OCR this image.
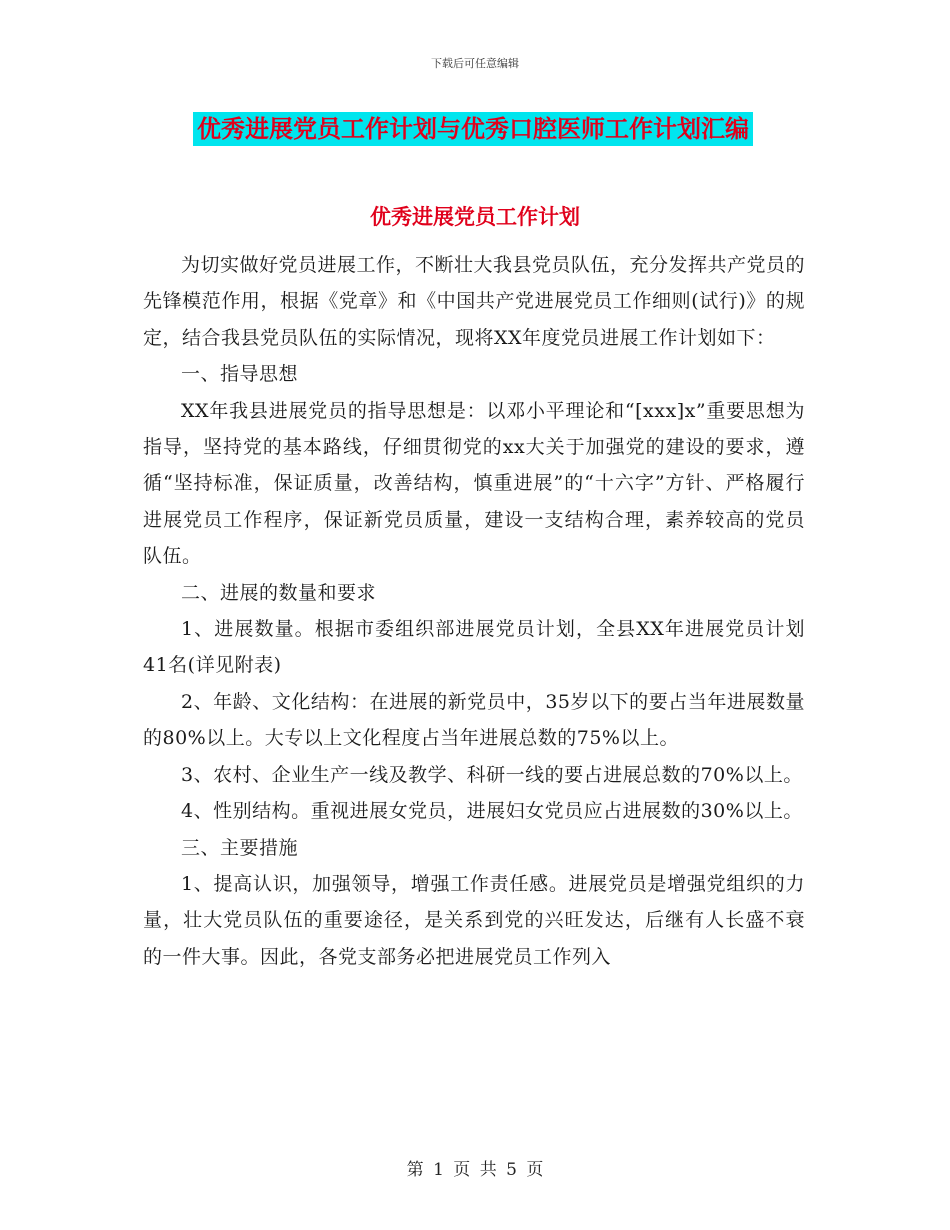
下载后可任意编辑
优秀进展党员工作计划与优秀口腔医师工作计划汇编
优秀进展党员工作计划

为切实做好党员进展工作，不断壮大我县党员队伍，充分发挥共产党员的先锋模范作用，根据《党章》和《中国共产党进展党员工作细则(试行)》的规定，结合我县党员队伍的实际情况，现将XX年度党员进展工作计划如下：

一、指导思想

XX年我县进展党员的指导思想是：以邓小平理论和“[xxx]x”重要思想为指导，坚持党的基本路线，仔细贯彻党的xx大关于加强党的建设的要求，遵循“坚持标准，保证质量，改善结构，慎重进展”的“十六字”方针、严格履行进展党员工作程序，保证新党员质量，建设一支结构合理，素养较高的党员队伍。

二、进展的数量和要求

1、进展数量。根据市委组织部进展党员计划，全县XX年进展党员计划41名(详见附表)

2、年龄、文化结构：在进展的新党员中，35岁以下的要占当年进展数量的80%以上。大专以上文化程度占当年进展总数的75%以上。

3、农村、企业生产一线及教学、科研一线的要占进展总数的70%以上。

4、性别结构。重视进展女党员，进展妇女党员应占进展数的30%以上。

三、主要措施

1、提高认识，加强领导，增强工作责任感。进展党员是增强党组织的力量，壮大党员队伍的重要途径，是关系到党的兴旺发达，后继有人长盛不衰的一件大事。因此，各党支部务必把进展党员工作列入

第 1 页 共 5 页
